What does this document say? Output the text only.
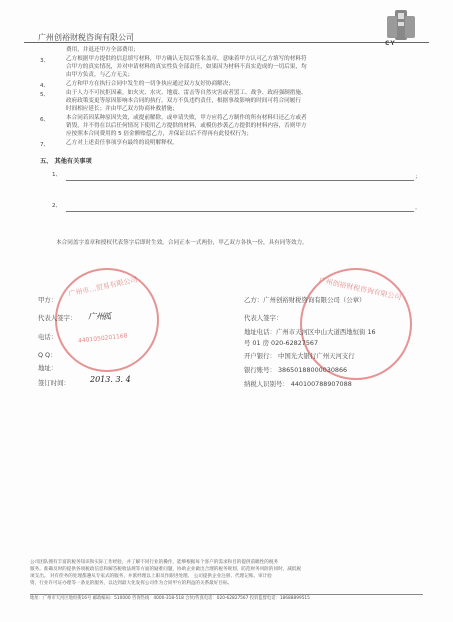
广州创裕财税咨询有限公司
CY
费用，并退还甲方全部费用；
3、	乙方根据甲方提供的信息填写材料，甲方确认无误后签名盖章，意味着甲方认可乙方填写的材料符
合甲方的真实情况，并对申请材料的真实性负全部责任，如果因为材料不真实造成的一切后果，均
由甲方负责，与乙方无关；
4、	乙方和甲方在执行合同中发生的一切争执应通过双方友好协商解决；
5、	由于人力不可抗拒因素，如火灾、水灾、地震、雷击等自然灾害或者罢工、战争、政府强制措施、
政府政策变更等原因影响本合同的执行，双方不负违约责任，根据事故影响的时间可将合同履行
时间相应延长；并由甲乙双方协商补救措施；
6、	本合同若因某种原因失效，或提前解除，或申请失败，甲方应将乙方制作的所有材料归还乙方或者
销毁，并不得在以后任何情况下使用乙方提供的材料，或模仿抄袭乙方提供的材料内容，否则甲方
应按照本合同费用的 5 倍金额赔偿乙方，并保证以后不得再有此侵权行为；
7、	乙方对上述责任事项享有最终的说明解释权。
五、 其他有关事项
1、	；
2、	。
本合同盖字盖章和授权代表签字后即时生效。合同正本一式两份，甲乙双方各执一份，具有同等效力。
广州市…贸易有限公司
4401050201168
广州创裕财税咨询有限公司
甲方：
代表人签字： 广州孤
电话：
Q Q：
地址：
签订时间：	2013. 3. 4
乙方：广州创裕财税咨询有限公司（公章）
代表人签字：
地址电话：广州市天河区中山大道西地恒街 16
号 01 房 020-62827567
开户银行： 中国光大银行广州天河支行
银行账号： 38650188000030866
纳税人识别号： 440100788907088
公司团队拥有丰富的税务知识和实际工作经验，并了解不同行业的操作，能够根据每个客户的需求和目的提供前瞻性的税务
服务。准确及时的提供各项税政信息和解答税收法规等方面的疑难问题，协助企业做出合理的税务规划，防范财务风险的同时，减低税
项支出。 对有偿务的处理都遵从专家式的服务，并派经理以上职员作跟进处理。 公司提供企业注册、代理记账、审计验
资、行业许可证办理等一条龙的服务，以达到最大化发挥公司作为合同甲方的利益的关系最好目标。
地址：广州市天河区地恒街16号 邮政编码：510000 咨询热线：4000-318-518 合伙/传真电话：020-62827567 投诉监督电话：18688899515
